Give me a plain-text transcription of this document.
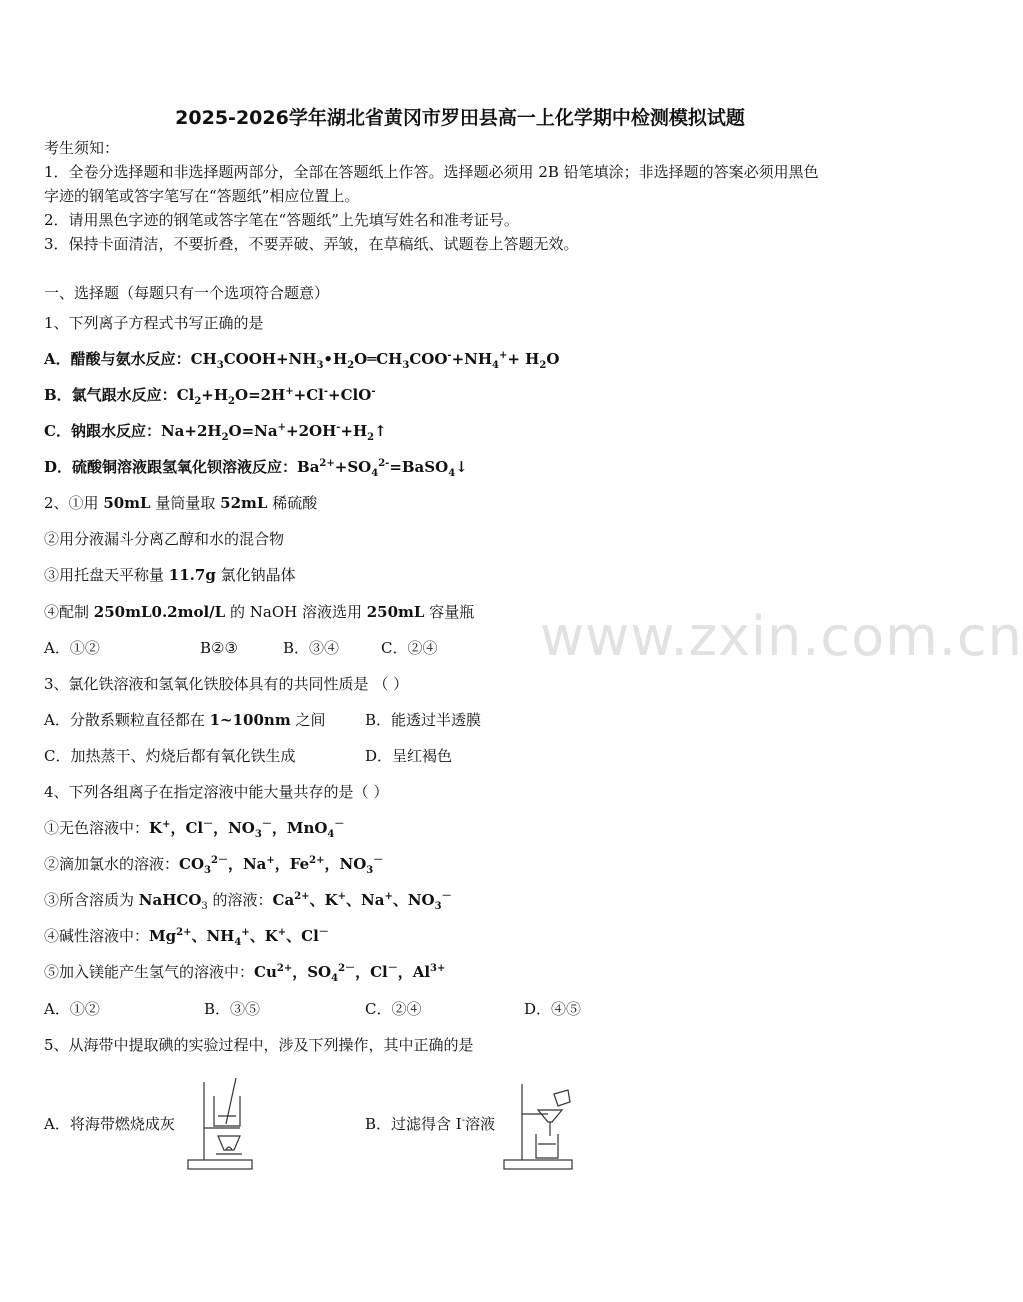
www.zxin.com.cn
2025-2026学年湖北省黄冈市罗田县高一上化学期中检测模拟试题
考生须知：
1．全卷分选择题和非选择题两部分，全部在答题纸上作答。选择题必须用 2B 铅笔填涂；非选择题的答案必须用黑色
字迹的钢笔或答字笔写在“答题纸”相应位置上。
2．请用黑色字迹的钢笔或答字笔在“答题纸”上先填写姓名和准考证号。
3．保持卡面清洁，不要折叠，不要弄破、弄皱，在草稿纸、试题卷上答题无效。
一、选择题（每题只有一个选项符合题意）
1、下列离子方程式书写正确的是
A．醋酸与氨水反应：$CH_3COOH+NH_3•H_2O═CH_3COO^-+NH_4^++ H_2O$
B．氯气跟水反应：$Cl_2+H_2O=2H^++Cl^-+ClO^-$
C．钠跟水反应：$Na+2H_2O=Na^++2OH^-+H_2↑$
D．硫酸铜溶液跟氢氧化钡溶液反应：$Ba^{2+}+SO_4^{2-}=BaSO_4↓$
2、①用 50mL 量筒量取 52mL 稀硫酸
②用分液漏斗分离乙醇和水的混合物
③用托盘天平称量 11.7g 氯化钠晶体
④配制 250mL0.2mol/L 的 NaOH 溶液选用 250mL 容量瓶
A．①②	B②③	B．③④	C．②④
3、氯化铁溶液和氢氧化铁胶体具有的共同性质是 （ ）
A．分散系颗粒直径都在 1~100nm 之间	B．能透过半透膜
C．加热蒸干、灼烧后都有氧化铁生成	D．呈红褐色
4、下列各组离子在指定溶液中能大量共存的是（ ）
①无色溶液中：K+，Cl－，$NO_3^-$，MnO$_4$－
②滴加氯水的溶液：$CO_3^{2-}$，Na+，$Fe^{2+}$，$NO_3^-$
③所含溶质为 NaHCO$_3$ 的溶液：$Ca^{2+}$、K+、Na+、$NO_3^-$
④碱性溶液中：$Mg^{2+}$、$NH_4^+$、K+、Cl－
⑤加入镁能产生氢气的溶液中：$Cu^{2+}$，$SO_4^{2-}$，Cl－，$Al^{3+}$
A．①②	B．③⑤	C．②④	D．④⑤
5、从海带中提取碘的实验过程中，涉及下列操作，其中正确的是
A．将海带燃烧成灰	B．过滤得含 I-溶液
